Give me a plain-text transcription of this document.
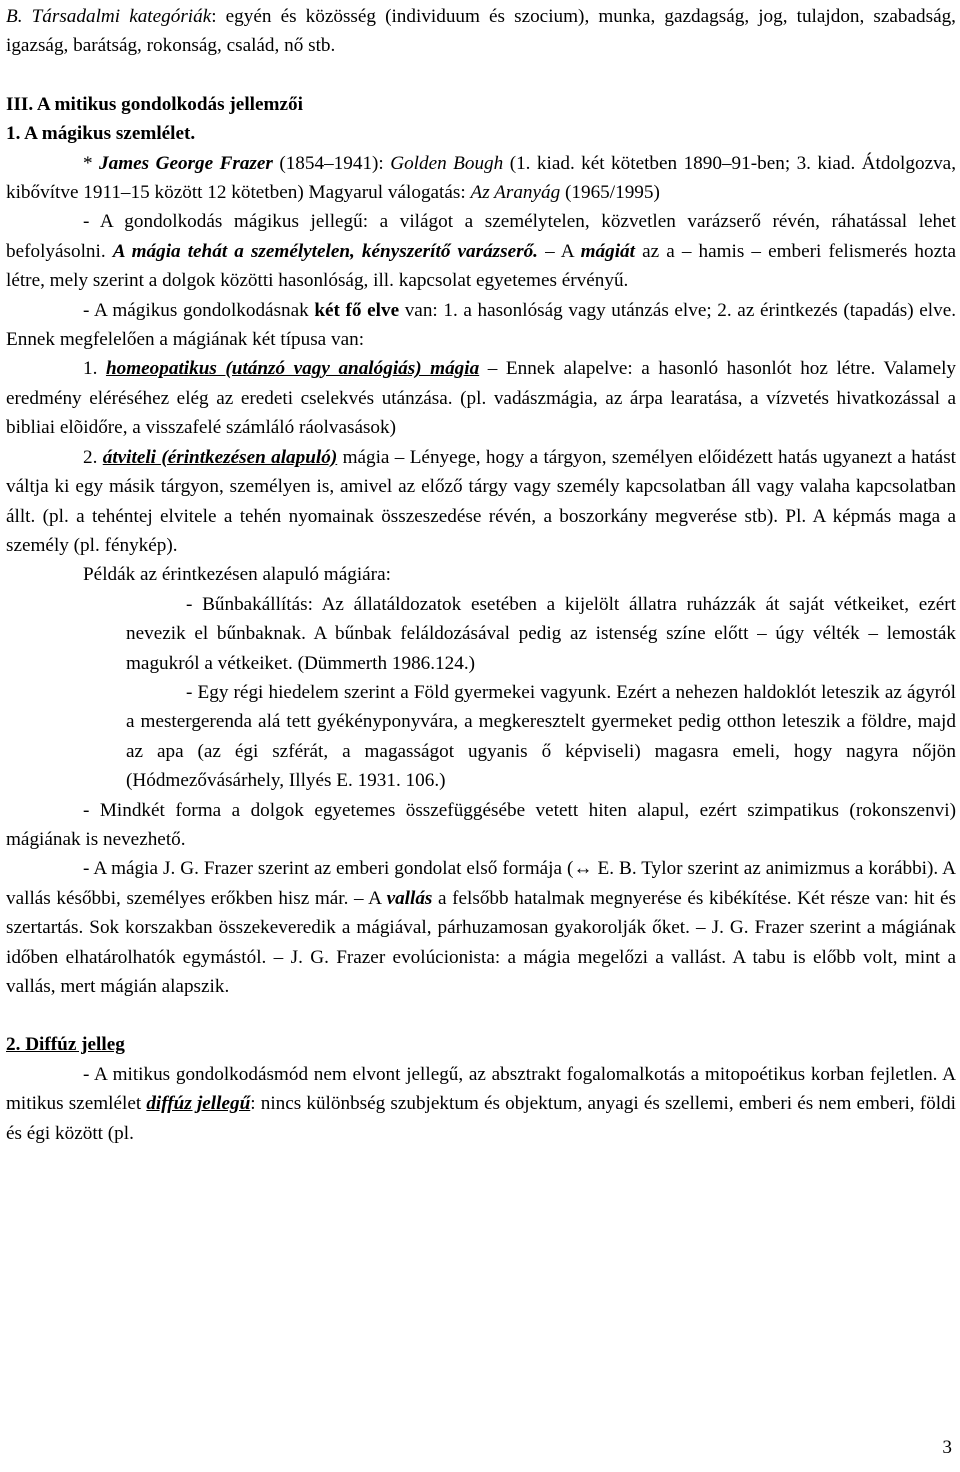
B. Társadalmi kategóriák: egyén és közösség (individuum és szocium), munka, gazdagság, jog, tulajdon, szabadság, igazság, barátság, rokonság, család, nő stb.

III. A mitikus gondolkodás jellemzői

1. A mágikus szemlélet.

* James George Frazer (1854–1941): Golden Bough (1. kiad. két kötetben 1890–91-ben; 3. kiad. Átdolgozva, kibővítve 1911–15 között 12 kötetben) Magyarul válogatás: Az Aranyág (1965/1995)

- A gondolkodás mágikus jellegű: a világot a személytelen, közvetlen varázserő révén, ráhatással lehet befolyásolni. A mágia tehát a személytelen, kényszerítő varázserő. – A mágiát az a – hamis – emberi felismerés hozta létre, mely szerint a dolgok közötti hasonlóság, ill. kapcsolat egyetemes érvényű.

- A mágikus gondolkodásnak két fő elve van: 1. a hasonlóság vagy utánzás elve; 2. az érintkezés (tapadás) elve. Ennek megfelelően a mágiának két típusa van:

1. homeopatikus (utánzó vagy analógiás) mágia – Ennek alapelve: a hasonló hasonlót hoz létre. Valamely eredmény eléréséhez elég az eredeti cselekvés utánzása. (pl. vadászmágia, az árpa learatása, a vízvetés hivatkozással a bibliai elõidőre, a visszafelé számláló ráolvasások)

2. átviteli (érintkezésen alapuló) mágia – Lényege, hogy a tárgyon, személyen előidézett hatás ugyanezt a hatást váltja ki egy másik tárgyon, személyen is, amivel az előző tárgy vagy személy kapcsolatban áll vagy valaha kapcsolatban állt. (pl. a tehéntej elvitele a tehén nyomainak összeszedése révén, a boszorkány megverése stb). Pl. A képmás maga a személy (pl. fénykép).

Példák az érintkezésen alapuló mágiára:

- Bűnbakállítás: Az állatáldozatok esetében a kijelölt állatra ruházzák át saját vétkeiket, ezért nevezik el bűnbaknak. A bűnbak feláldozásával pedig az istenség színe előtt – úgy vélték – lemosták magukról a vétkeiket. (Dümmerth 1986.124.)

- Egy régi hiedelem szerint a Föld gyermekei vagyunk. Ezért a nehezen haldoklót leteszik az ágyról a mestergerenda alá tett gyékényponyvára, a megkeresztelt gyermeket pedig otthon leteszik a földre, majd az apa (az égi szférát, a magasságot ugyanis ő képviseli) magasra emeli, hogy nagyra nőjön (Hódmezővásárhely, Illyés E. 1931. 106.)

- Mindkét forma a dolgok egyetemes összefüggésébe vetett hiten alapul, ezért szimpatikus (rokonszenvi) mágiának is nevezhető.

- A mágia J. G. Frazer szerint az emberi gondolat első formája (↔ E. B. Tylor szerint az animizmus a korábbi). A vallás későbbi, személyes erőkben hisz már. – A vallás a felsőbb hatalmak megnyerése és kibékítése. Két része van: hit és szertartás. Sok korszakban összekeveredik a mágiával, párhuzamosan gyakorolják őket. – J. G. Frazer szerint a mágiának időben elhatárolhatók egymástól. – J. G. Frazer evolúcionista: a mágia megelőzi a vallást. A tabu is előbb volt, mint a vallás, mert mágián alapszik.

2. Diffúz jelleg

- A mitikus gondolkodásmód nem elvont jellegű, az absztrakt fogalomalkotás a mitopoétikus korban fejletlen. A mitikus szemlélet diffúz jellegű: nincs különbség szubjektum és objektum, anyagi és szellemi, emberi és nem emberi, földi és égi között (pl.

3
